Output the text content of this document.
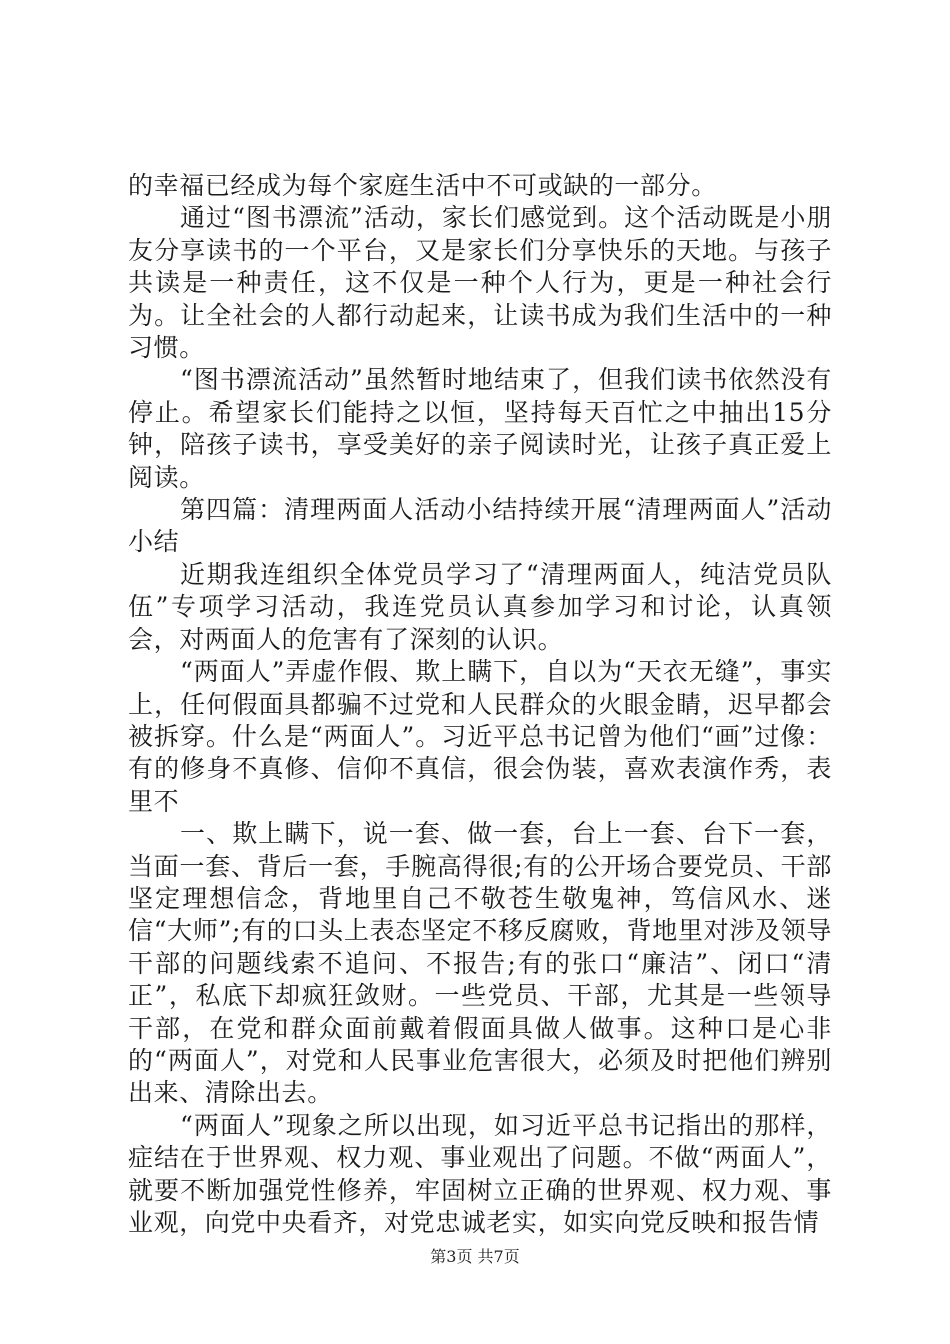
的幸福已经成为每个家庭生活中不可或缺的一部分。

通过“图书漂流”活动，家长们感觉到。这个活动既是小朋友分享读书的一个平台，又是家长们分享快乐的天地。与孩子共读是一种责任，这不仅是一种个人行为，更是一种社会行为。让全社会的人都行动起来，让读书成为我们生活中的一种习惯。

“图书漂流活动”虽然暂时地结束了，但我们读书依然没有停止。希望家长们能持之以恒，坚持每天百忙之中抽出15分钟，陪孩子读书，享受美好的亲子阅读时光，让孩子真正爱上阅读。

第四篇：清理两面人活动小结持续开展“清理两面人”活动小结

近期我连组织全体党员学习了“清理两面人，纯洁党员队伍”专项学习活动，我连党员认真参加学习和讨论，认真领会，对两面人的危害有了深刻的认识。

“两面人”弄虚作假、欺上瞒下，自以为“天衣无缝”，事实上，任何假面具都骗不过党和人民群众的火眼金睛，迟早都会被拆穿。什么是“两面人”。习近平总书记曾为他们“画”过像：有的修身不真修、信仰不真信，很会伪装，喜欢表演作秀，表里不

一、欺上瞒下，说一套、做一套，台上一套、台下一套，当面一套、背后一套，手腕高得很;有的公开场合要党员、干部坚定理想信念，背地里自己不敬苍生敬鬼神，笃信风水、迷信“大师”;有的口头上表态坚定不移反腐败，背地里对涉及领导干部的问题线索不追问、不报告;有的张口“廉洁”、闭口“清正”，私底下却疯狂敛财。一些党员、干部，尤其是一些领导干部，在党和群众面前戴着假面具做人做事。这种口是心非的“两面人”，对党和人民事业危害很大，必须及时把他们辨别出来、清除出去。

“两面人”现象之所以出现，如习近平总书记指出的那样，症结在于世界观、权力观、事业观出了问题。不做“两面人”，就要不断加强党性修养，牢固树立正确的世界观、权力观、事业观，向党中央看齐，对党忠诚老实，如实向党反映和报告情

第3页 共7页
